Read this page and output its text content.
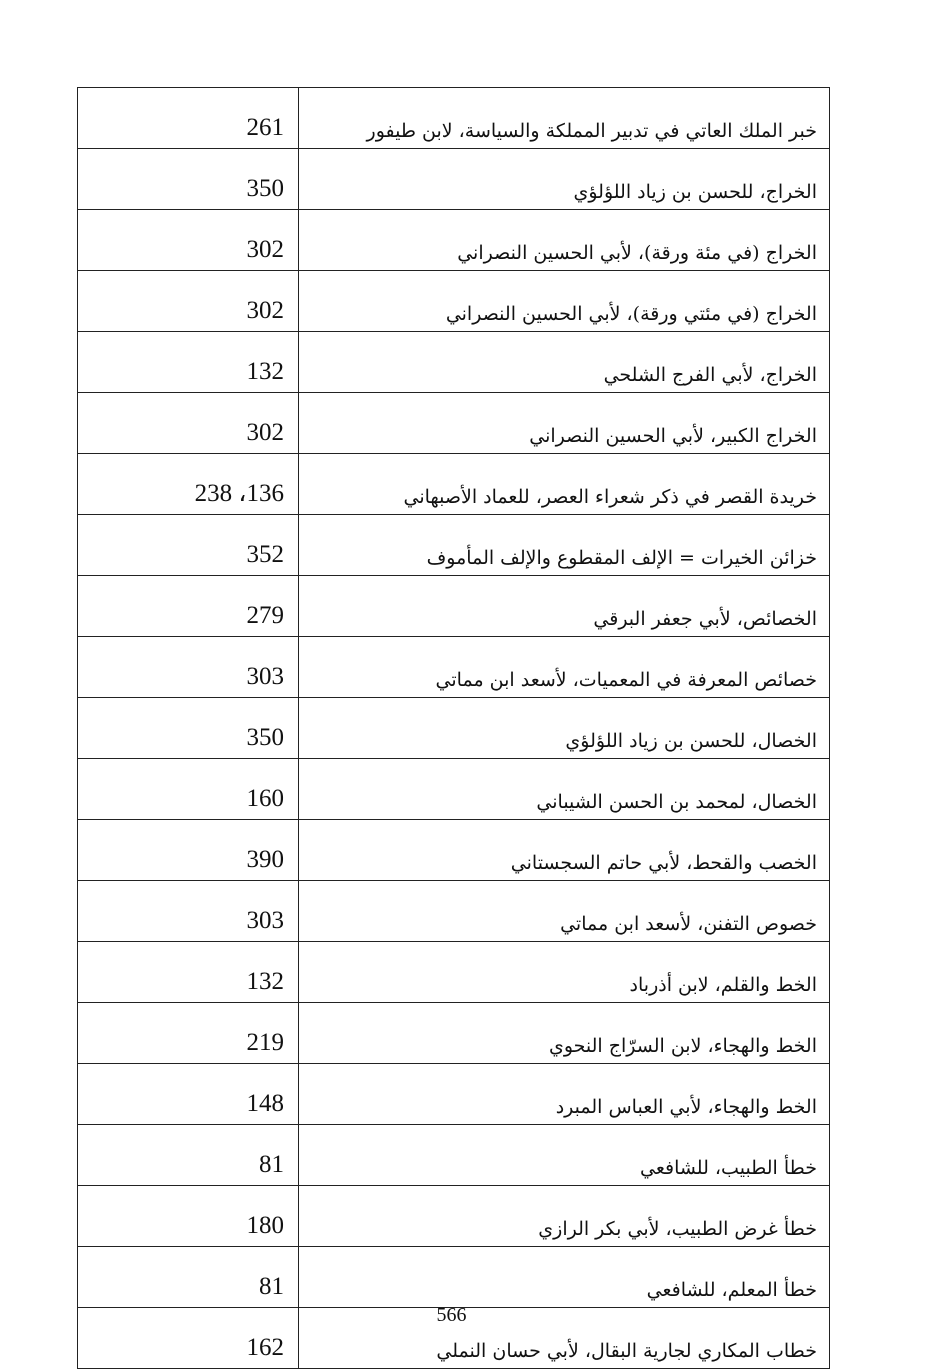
261	خبر الملك العاتي في تدبير المملكة والسياسة، لابن طيفور
350	الخراج، للحسن بن زياد اللؤلؤي
302	الخراج (في مئة ورقة)، لأبي الحسين النصراني
302	الخراج (في مئتي ورقة)، لأبي الحسين النصراني
132	الخراج، لأبي الفرج الشلحي
302	الخراج الكبير، لأبي الحسين النصراني
136، 238	خريدة القصر في ذكر شعراء العصر، للعماد الأصبهاني
352	خزائن الخيرات = الإلف المقطوع والإلف المأموف
279	الخصائص، لأبي جعفر البرقي
303	خصائص المعرفة في المعميات، لأسعد ابن مماتي
350	الخصال، للحسن بن زياد اللؤلؤي
160	الخصال، لمحمد بن الحسن الشيباني
390	الخصب والقحط، لأبي حاتم السجستاني
303	خصوص التفنن، لأسعد ابن مماتي
132	الخط والقلم، لابن أذرباد
219	الخط والهجاء، لابن السرّاج النحوي
148	الخط والهجاء، لأبي العباس المبرد
81	خطأ الطبيب، للشافعي
180	خطأ غرض الطبيب، لأبي بكر الرازي
81	خطأ المعلم، للشافعي
162	خطاب المكاري لجارية البقال، لأبي حسان النملي
566
